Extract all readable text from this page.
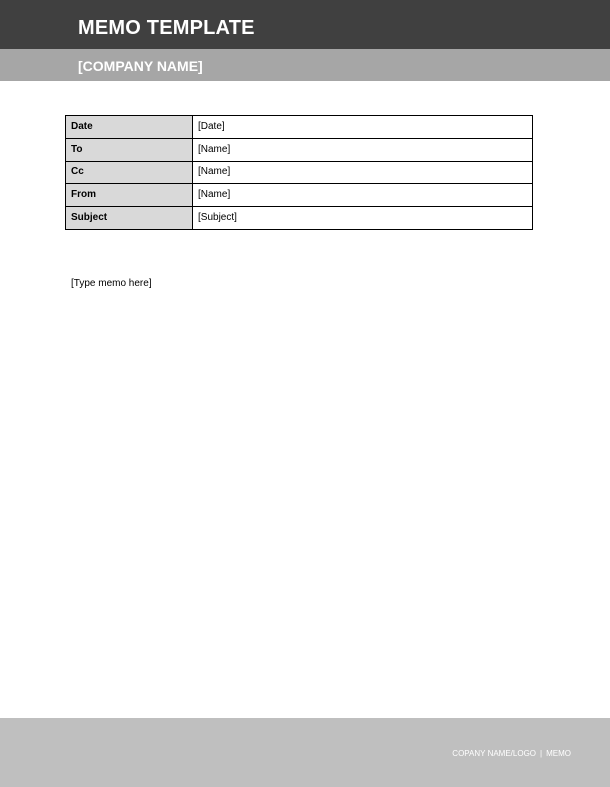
MEMO TEMPLATE
[COMPANY NAME]
Date	[Date]
To	[Name]
Cc	[Name]
From	[Name]
Subject	[Subject]
[Type memo here]
COPANY NAME/LOGO | MEMO
